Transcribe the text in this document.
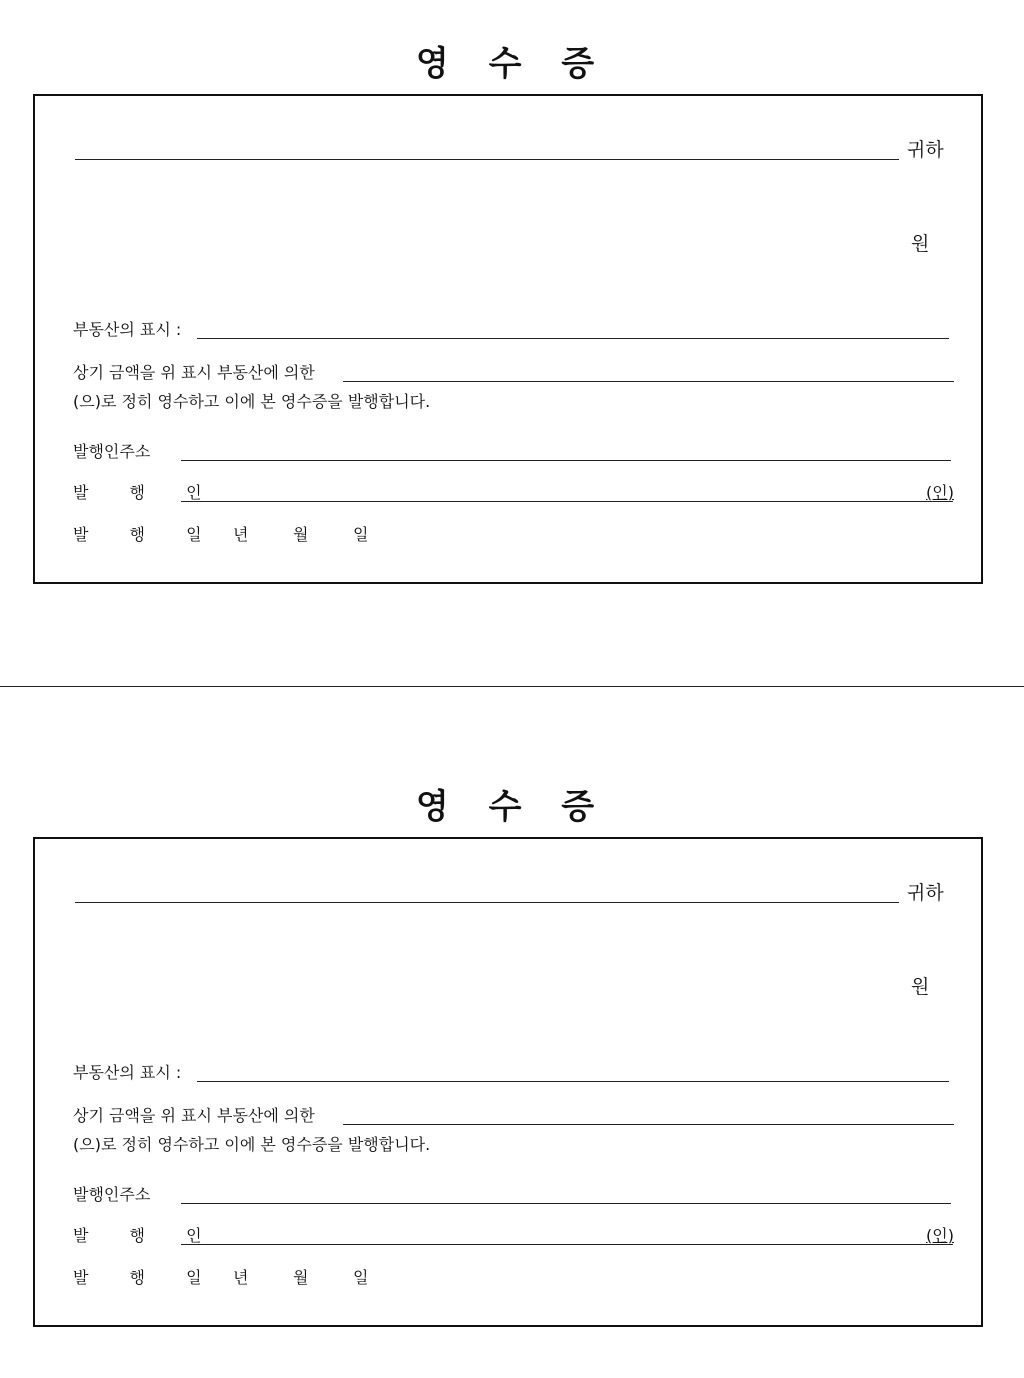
영 수 증
귀하
원
부동산의 표시 :
상기 금액을 위 표시 부동산에 의한
(으)로 정히 영수하고 이에 본 영수증을 발행합니다.
발행인주소
발 행 인	(인)
발 행 일 년	월	일
영 수 증
귀하
원
부동산의 표시 :
상기 금액을 위 표시 부동산에 의한
(으)로 정히 영수하고 이에 본 영수증을 발행합니다.
발행인주소
발 행 인	(인)
발 행 일 년	월	일
